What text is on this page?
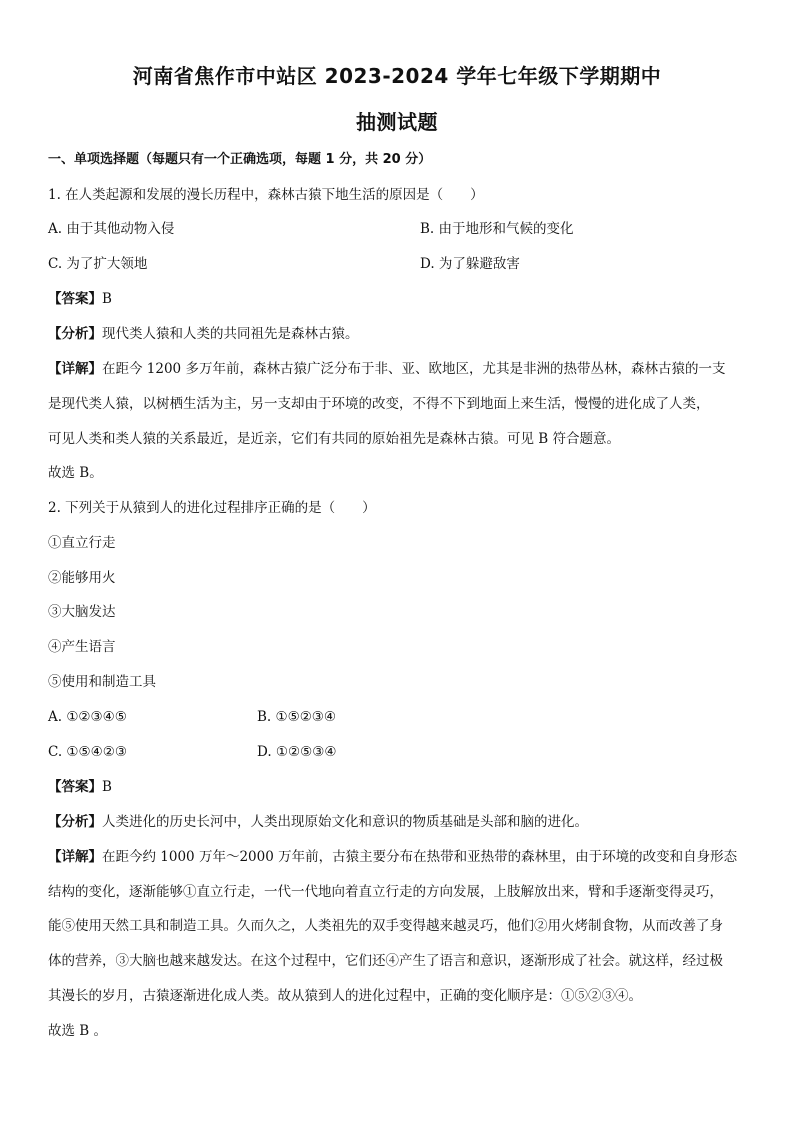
河南省焦作市中站区 2023-2024 学年七年级下学期期中
抽测试题
一、单项选择题（每题只有一个正确选项，每题 1 分，共 20 分）
1. 在人类起源和发展的漫长历程中，森林古猿下地生活的原因是（　　）
A. 由于其他动物入侵	B. 由于地形和气候的变化
C. 为了扩大领地	D. 为了躲避敌害
【答案】B
【分析】现代类人猿和人类的共同祖先是森林古猿。
【详解】在距今 1200 多万年前，森林古猿广泛分布于非、亚、欧地区，尤其是非洲的热带丛林，森林古猿的一支
是现代类人猿，以树栖生活为主，另一支却由于环境的改变，不得不下到地面上来生活，慢慢的进化成了人类，
可见人类和类人猿的关系最近，是近亲，它们有共同的原始祖先是森林古猿。可见 B 符合题意。
故选 B。
2. 下列关于从猿到人的进化过程排序正确的是（　　）
①直立行走
②能够用火
③大脑发达
④产生语言
⑤使用和制造工具
A. ①②③④⑤	B. ①⑤②③④
C. ①⑤④②③	D. ①②⑤③④
【答案】B
【分析】人类进化的历史长河中，人类出现原始文化和意识的物质基础是头部和脑的进化。
【详解】在距今约 1000 万年～2000 万年前，古猿主要分布在热带和亚热带的森林里，由于环境的改变和自身形态
结构的变化，逐渐能够①直立行走，一代一代地向着直立行走的方向发展，上肢解放出来，臂和手逐渐变得灵巧，
能⑤使用天然工具和制造工具。久而久之，人类祖先的双手变得越来越灵巧，他们②用火烤制食物，从而改善了身
体的营养，③大脑也越来越发达。在这个过程中，它们还④产生了语言和意识，逐渐形成了社会。就这样，经过极
其漫长的岁月，古猿逐渐进化成人类。故从猿到人的进化过程中，正确的变化顺序是：①⑤②③④。
故选 B 。
